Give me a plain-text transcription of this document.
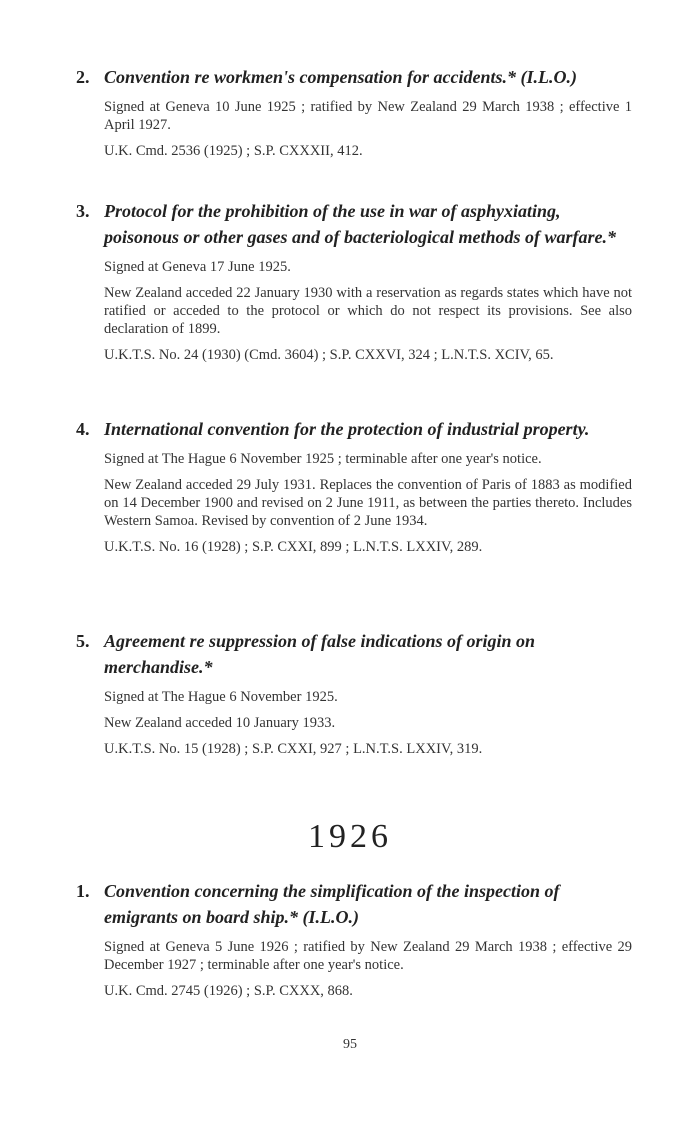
2. Convention re workmen's compensation for accidents.* (I.L.O.)

Signed at Geneva 10 June 1925 ; ratified by New Zealand 29 March 1938 ; effective 1 April 1927.

U.K. Cmd. 2536 (1925) ; S.P. CXXXII, 412.

3. Protocol for the prohibition of the use in war of asphyxiating, poisonous or other gases and of bacteriological methods of warfare.*

Signed at Geneva 17 June 1925.

New Zealand acceded 22 January 1930 with a reservation as regards states which have not ratified or acceded to the protocol or which do not respect its provisions. See also declaration of 1899.

U.K.T.S. No. 24 (1930) (Cmd. 3604) ; S.P. CXXVI, 324 ; L.N.T.S. XCIV, 65.

4. International convention for the protection of industrial property.

Signed at The Hague 6 November 1925 ; terminable after one year's notice.

New Zealand acceded 29 July 1931. Replaces the convention of Paris of 1883 as modified on 14 December 1900 and revised on 2 June 1911, as between the parties thereto. Includes Western Samoa. Revised by convention of 2 June 1934.

U.K.T.S. No. 16 (1928) ; S.P. CXXI, 899 ; L.N.T.S. LXXIV, 289.

5. Agreement re suppression of false indications of origin on merchandise.*

Signed at The Hague 6 November 1925.

New Zealand acceded 10 January 1933.

U.K.T.S. No. 15 (1928) ; S.P. CXXI, 927 ; L.N.T.S. LXXIV, 319.

1926
1. Convention concerning the simplification of the inspection of emigrants on board ship.* (I.L.O.)

Signed at Geneva 5 June 1926 ; ratified by New Zealand 29 March 1938 ; effective 29 December 1927 ; terminable after one year's notice.

U.K. Cmd. 2745 (1926) ; S.P. CXXX, 868.

95
